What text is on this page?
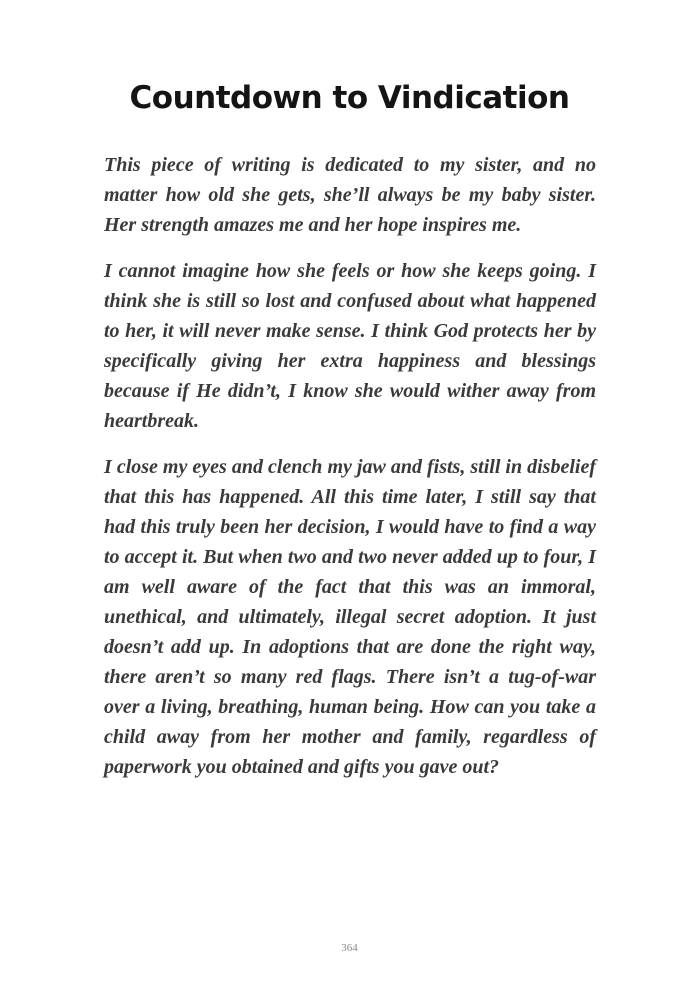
Countdown to Vindication

This piece of writing is dedicated to my sister, and no matter how old she gets, she’ll always be my baby sister. Her strength amazes me and her hope inspires me.

I cannot imagine how she feels or how she keeps going. I think she is still so lost and confused about what happened to her, it will never make sense. I think God protects her by specifically giving her extra happiness and blessings because if He didn’t, I know she would wither away from heartbreak.

I close my eyes and clench my jaw and fists, still in disbelief that this has happened. All this time later, I still say that had this truly been her decision, I would have to find a way to accept it. But when two and two never added up to four, I am well aware of the fact that this was an immoral, unethical, and ultimately, illegal secret adoption. It just doesn’t add up. In adoptions that are done the right way, there aren’t so many red flags. There isn’t a tug-of-war over a living, breathing, human being. How can you take a child away from her mother and family, regardless of paperwork you obtained and gifts you gave out?

364
